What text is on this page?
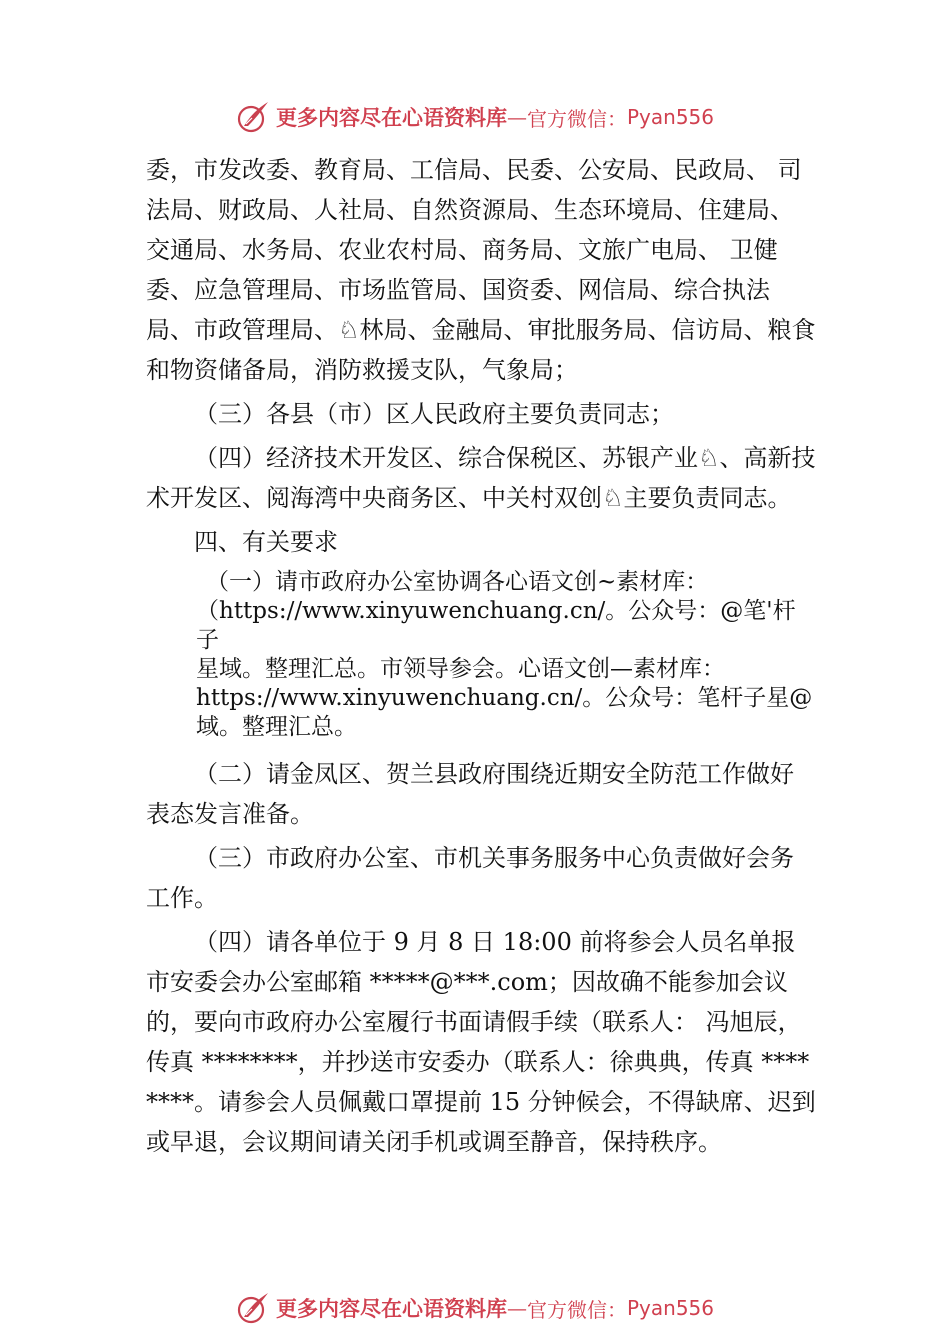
更多内容尽在心语资料库 — 官方微信： Pyan556

委，市发改委、教育局、工信局、民委、公安局、民政局、 司法局、财政局、人社局、自然资源局、生态环境局、住建局、交通局、水务局、农业农村局、商务局、文旅广电局、 卫健委、应急管理局、市场监管局、国资委、网信局、综合执法局、市政管理局、♘林局、金融局、审批服务局、信访局、粮食和物资储备局，消防救援支队，气象局；

（三）各县（市）区人民政府主要负责同志；

（四）经济技术开发区、综合保税区、苏银产业♘、高新技术开发区、阅海湾中央商务区、中关村双创♘主要负责同志。

四、有关要求

（一）请市政府办公室协调各心语文创~素材库：
（https://www.xinyuwenchuang.cn/。公众号：@笔'杆子
星域。整理汇总。市领导参会。心语文创—素材库：
https://www.xinyuwenchuang.cn/。公众号：笔杆子星@
域。整理汇总。

（二）请金凤区、贺兰县政府围绕近期安全防范工作做好表态发言准备。

（三）市政府办公室、市机关事务服务中心负责做好会务工作。

（四）请各单位于 9 月 8 日 18:00 前将参会人员名单报市安委会办公室邮箱 *****@***.com；因故确不能参加会议的，要向市政府办公室履行书面请假手续（联系人： 冯旭辰，传真 ********，并抄送市安委办（联系人：徐典典，传真 ********。请参会人员佩戴口罩提前 15 分钟候会，不得缺席、迟到或早退，会议期间请关闭手机或调至静音，保持秩序。

更多内容尽在心语资料库 — 官方微信： Pyan556
